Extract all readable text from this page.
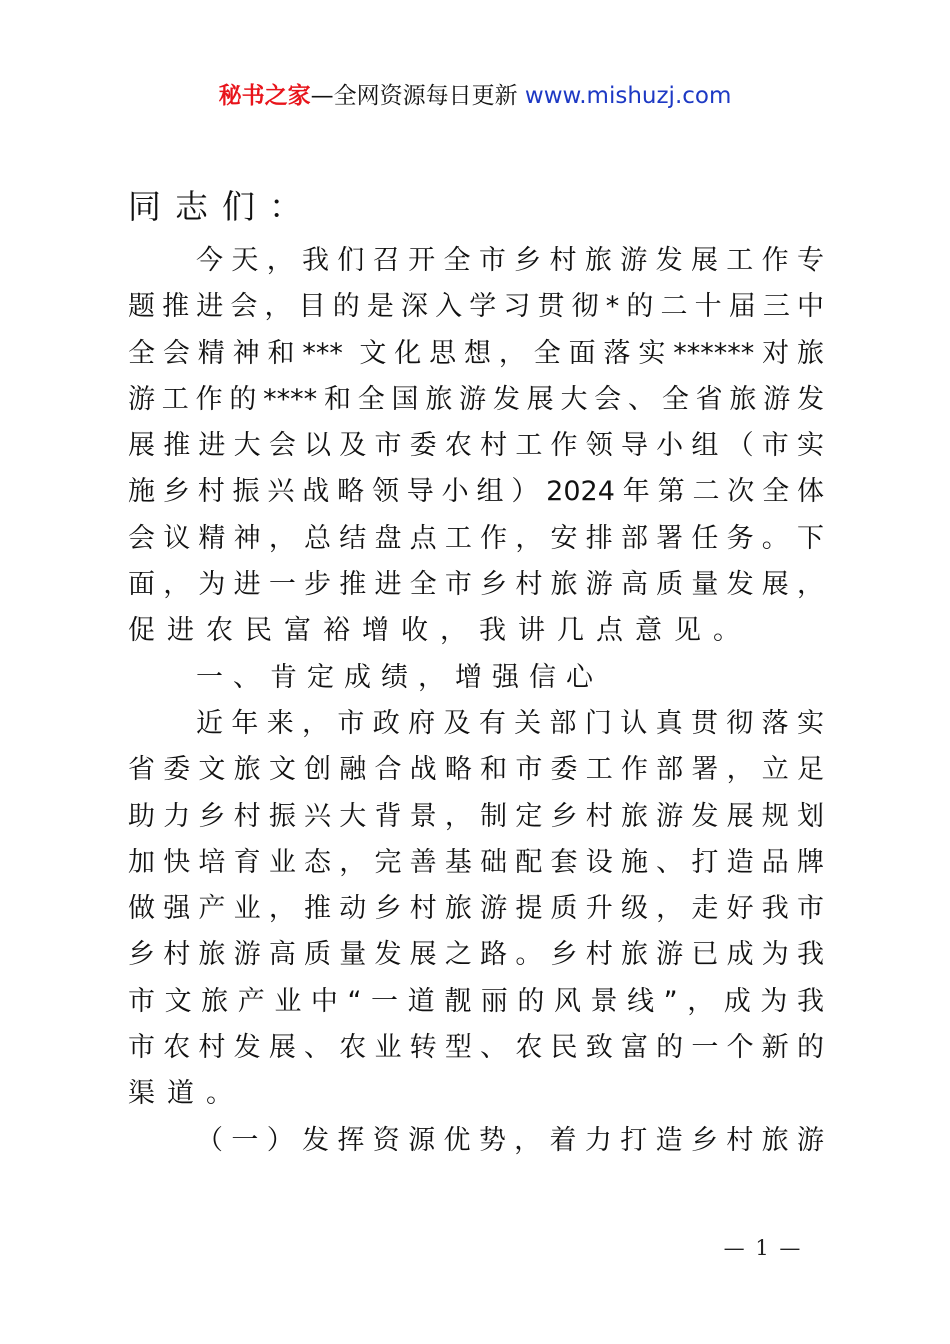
秘书之家—全网资源每日更新 www.mishuzj.com
同志们：
今天，我们召开全市乡村旅游发展工作专
题推进会，目的是深入学习贯彻*的二十届三中
全会精神和*** 文化思想，全面落实******对旅
游工作的****和全国旅游发展大会、全省旅游发
展推进大会以及市委农村工作领导小组（市实
施乡村振兴战略领导小组）2024年第二次全体
会议精神，总结盘点工作，安排部署任务。下
面，为进一步推进全市乡村旅游高质量发展，
促进农民富裕增收，我讲几点意见。
一、肯定成绩，增强信心
近年来，市政府及有关部门认真贯彻落实
省委文旅文创融合战略和市委工作部署，立足
助力乡村振兴大背景，制定乡村旅游发展规划
加快培育业态，完善基础配套设施、打造品牌
做强产业，推动乡村旅游提质升级，走好我市
乡村旅游高质量发展之路。乡村旅游已成为我
市文旅产业中“一道靓丽的风景线”，成为我
市农村发展、农业转型、农民致富的一个新的
渠道。
（一）发挥资源优势，着力打造乡村旅游
— 1 —
